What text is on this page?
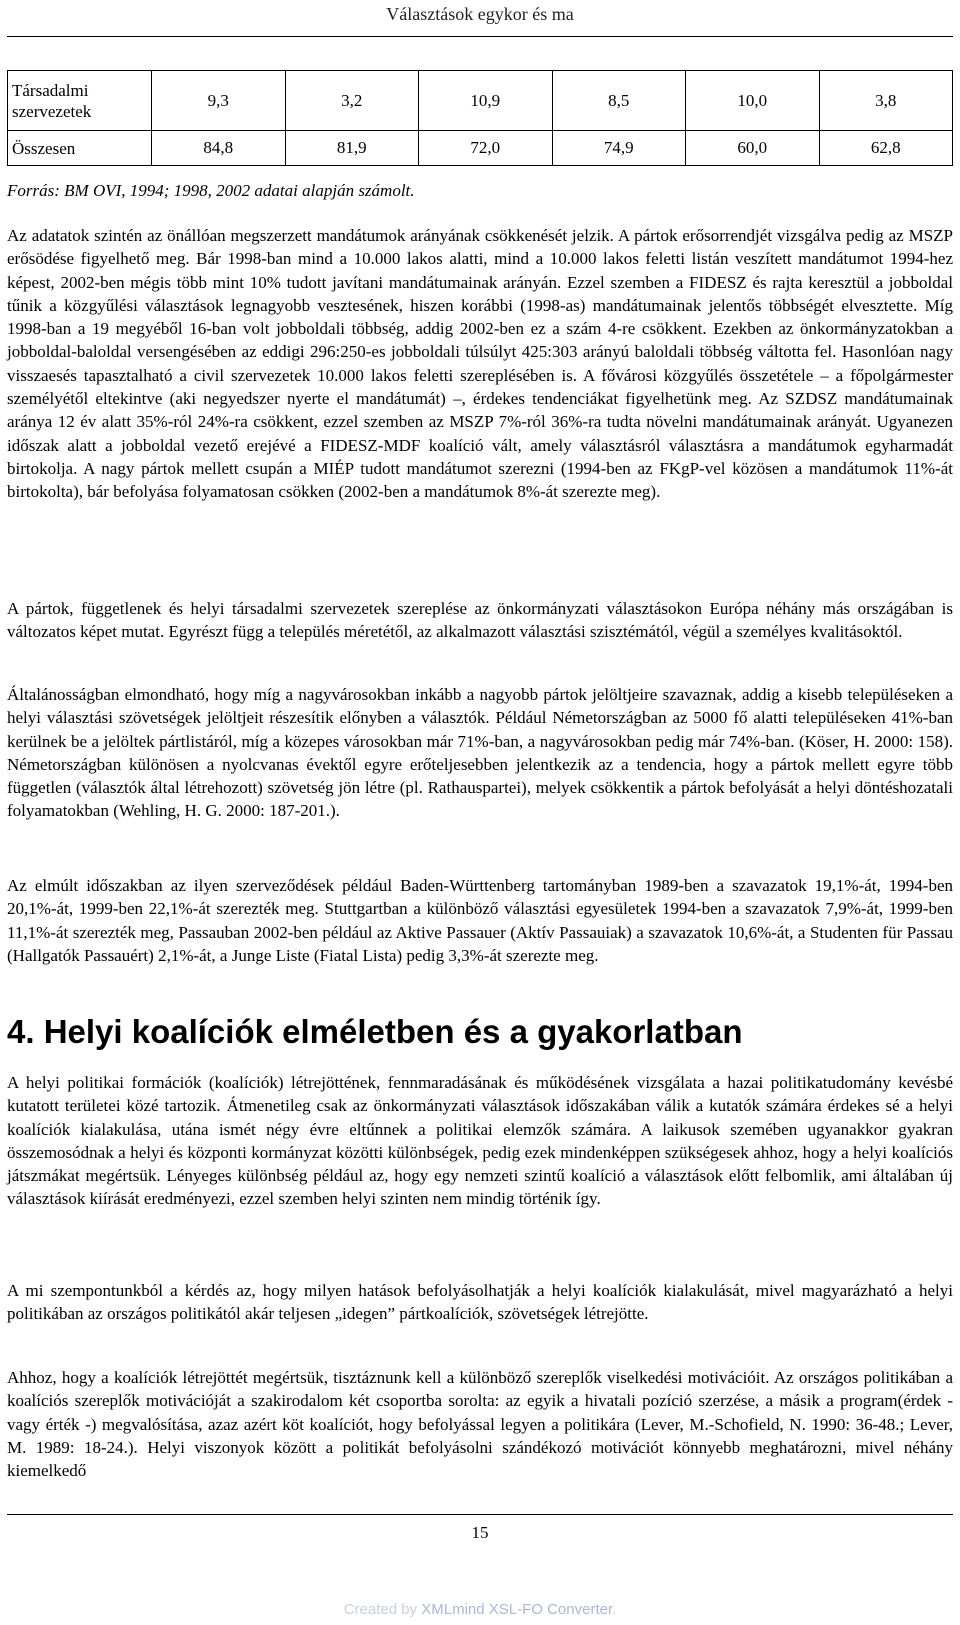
Választások egykor és ma
Társadalmi szervezetek	9,3	3,2	10,9	8,5	10,0	3,8
Összesen	84,8	81,9	72,0	74,9	60,0	62,8
Forrás: BM OVI, 1994; 1998, 2002 adatai alapján számolt.

Az adatatok szintén az önállóan megszerzett mandátumok arányának csökkenését jelzik. A pártok erősorrendjét vizsgálva pedig az MSZP erősödése figyelhető meg. Bár 1998-ban mind a 10.000 lakos alatti, mind a 10.000 lakos feletti listán veszített mandátumot 1994-hez képest, 2002-ben mégis több mint 10% tudott javítani mandátumainak arányán. Ezzel szemben a FIDESZ és rajta keresztül a jobboldal tűnik a közgyűlési választások legnagyobb vesztesének, hiszen korábbi (1998-as) mandátumainak jelentős többségét elvesztette. Míg 1998-ban a 19 megyéből 16-ban volt jobboldali többség, addig 2002-ben ez a szám 4-re csökkent. Ezekben az önkormányzatokban a jobboldal-baloldal versengésében az eddigi 296:250-es jobboldali túlsúlyt 425:303 arányú baloldali többség váltotta fel. Hasonlóan nagy visszaesés tapasztalható a civil szervezetek 10.000 lakos feletti szereplésében is. A fővárosi közgyűlés összetétele – a főpolgármester személyétől eltekintve (aki negyedszer nyerte el mandátumát) –, érdekes tendenciákat figyelhetünk meg. Az SZDSZ mandátumainak aránya 12 év alatt 35%-ról 24%-ra csökkent, ezzel szemben az MSZP 7%-ról 36%-ra tudta növelni mandátumainak arányát. Ugyanezen időszak alatt a jobboldal vezető erejévé a FIDESZ-MDF koalíció vált, amely választásról választásra a mandátumok egyharmadát birtokolja. A nagy pártok mellett csupán a MIÉP tudott mandátumot szerezni (1994-ben az FKgP-vel közösen a mandátumok 11%-át birtokolta), bár befolyása folyamatosan csökken (2002-ben a mandátumok 8%-át szerezte meg).

A pártok, függetlenek és helyi társadalmi szervezetek szereplése az önkormányzati választásokon Európa néhány más országában is változatos képet mutat. Egyrészt függ a település méretétől, az alkalmazott választási szisztémától, végül a személyes kvalitásoktól.

Általánosságban elmondható, hogy míg a nagyvárosokban inkább a nagyobb pártok jelöltjeire szavaznak, addig a kisebb településeken a helyi választási szövetségek jelöltjeit részesítik előnyben a választók. Például Németországban az 5000 fő alatti településeken 41%-ban kerülnek be a jelöltek pártlistáról, míg a közepes városokban már 71%-ban, a nagyvárosokban pedig már 74%-ban. (Köser, H. 2000: 158). Németországban különösen a nyolcvanas évektől egyre erőteljesebben jelentkezik az a tendencia, hogy a pártok mellett egyre több független (választók által létrehozott) szövetség jön létre (pl. Rathauspartei), melyek csökkentik a pártok befolyását a helyi döntéshozatali folyamatokban (Wehling, H. G. 2000: 187-201.).

Az elmúlt időszakban az ilyen szerveződések például Baden-Württenberg tartományban 1989-ben a szavazatok 19,1%-át, 1994-ben 20,1%-át, 1999-ben 22,1%-át szerezték meg. Stuttgartban a különböző választási egyesületek 1994-ben a szavazatok 7,9%-át, 1999-ben 11,1%-át szerezték meg, Passauban 2002-ben például az Aktive Passauer (Aktív Passauiak) a szavazatok 10,6%-át, a Studenten für Passau (Hallgatók Passauért) 2,1%-át, a Junge Liste (Fiatal Lista) pedig 3,3%-át szerezte meg.

4. Helyi koalíciók elméletben és a gyakorlatban

A helyi politikai formációk (koalíciók) létrejöttének, fennmaradásának és működésének vizsgálata a hazai politikatudomány kevésbé kutatott területei közé tartozik. Átmenetileg csak az önkormányzati választások időszakában válik a kutatók számára érdekes sé a helyi koalíciók kialakulása, utána ismét négy évre eltűnnek a politikai elemzők számára. A laikusok szemében ugyanakkor gyakran összemosódnak a helyi és központi kormányzat közötti különbségek, pedig ezek mindenképpen szükségesek ahhoz, hogy a helyi koalíciós játszmákat megértsük. Lényeges különbség például az, hogy egy nemzeti szintű koalíció a választások előtt felbomlik, ami általában új választások kiírását eredményezi, ezzel szemben helyi szinten nem mindig történik így.

A mi szempontunkból a kérdés az, hogy milyen hatások befolyásolhatják a helyi koalíciók kialakulását, mivel magyarázható a helyi politikában az országos politikától akár teljesen „idegen” pártkoalíciók, szövetségek létrejötte.

Ahhoz, hogy a koalíciók létrejöttét megértsük, tisztáznunk kell a különböző szereplők viselkedési motivációit. Az országos politikában a koalíciós szereplők motivációját a szakirodalom két csoportba sorolta: az egyik a hivatali pozíció szerzése, a másik a program(érdek - vagy érték -) megvalósítása, azaz azért köt koalíciót, hogy befolyással legyen a politikára (Lever, M.-Schofield, N. 1990: 36-48.; Lever, M. 1989: 18-24.). Helyi viszonyok között a politikát befolyásolni szándékozó motivációt könnyebb meghatározni, mivel néhány kiemelkedő

15
Created by XMLmind XSL-FO Converter.
